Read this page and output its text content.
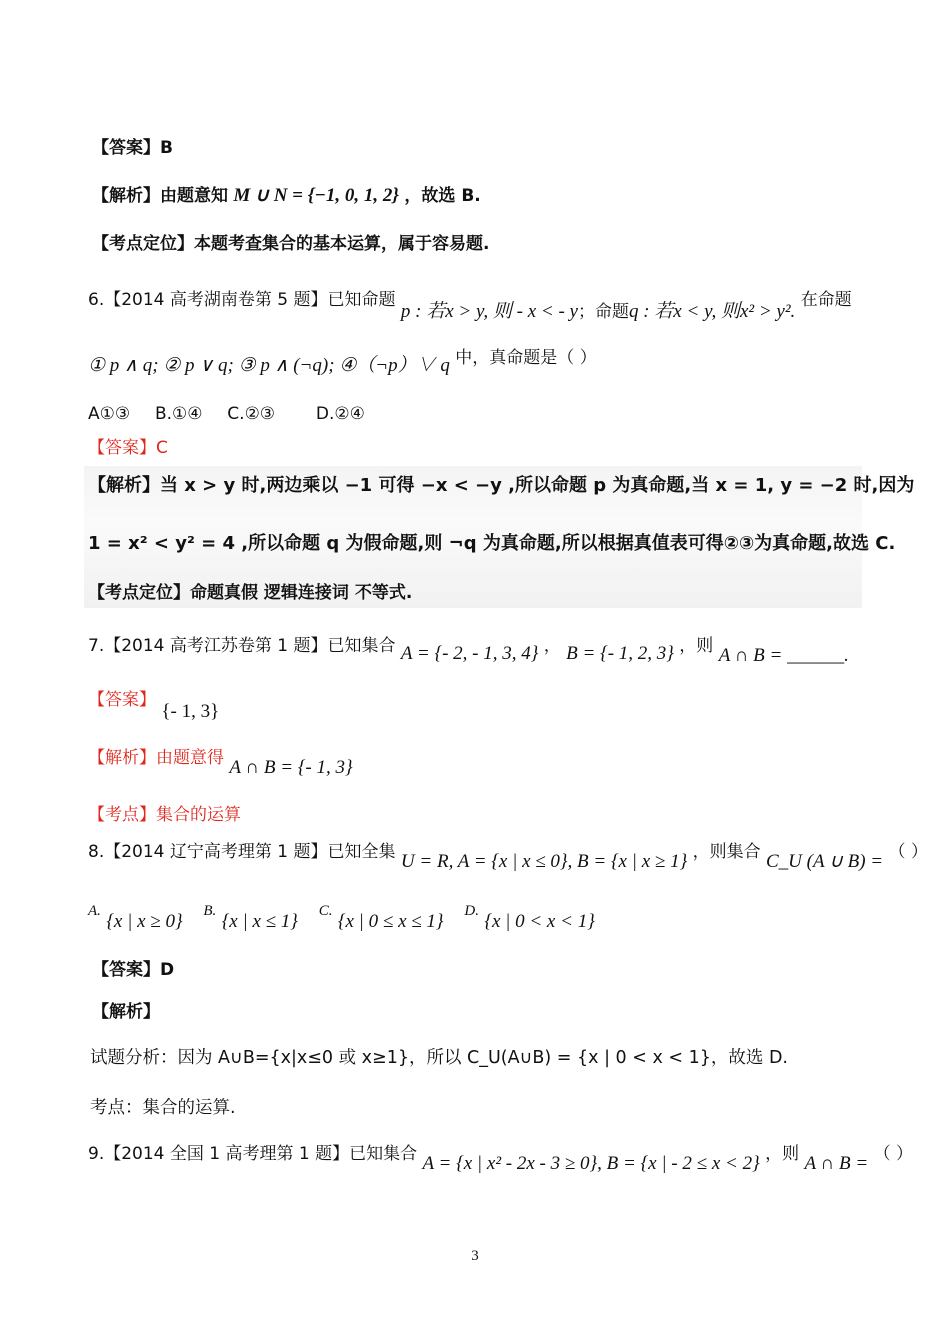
【答案】B
【解析】由题意知 M ∪ N = {−1, 0, 1, 2} ，故选 B.
【考点定位】本题考查集合的基本运算，属于容易题.
6.【2014 高考湖南卷第 5 题】已知命题 p : 若x > y, 则 - x < - y；命题q : 若x < y, 则x² > y². 在命题
① p ∧ q; ② p ∨ q; ③ p ∧ (¬q); ④（¬p）∨ q 中，真命题是（ ）
A①③ B.①④ C.②③ D.②④
【答案】C
【解析】当 x > y 时,两边乘以 −1 可得 −x < −y ,所以命题 p 为真命题,当 x = 1, y = −2 时,因为
1 = x² < y² = 4 ,所以命题 q 为假命题,则 ¬q 为真命题,所以根据真值表可得②③为真命题,故选 C.
【考点定位】命题真假 逻辑连接词 不等式.
7.【2014 高考江苏卷第 1 题】已知集合 A = {- 2, - 1, 3, 4} ， B = {- 1, 2, 3} ，则 A ∩ B = ______.
【答案】 {- 1, 3}
【解析】由题意得 A ∩ B = {- 1, 3}
【考点】集合的运算
8.【2014 辽宁高考理第 1 题】已知全集 U = R, A = {x | x ≤ 0}, B = {x | x ≥ 1} ，则集合 C_U (A ∪ B) = （ ）
A. {x | x ≥ 0} B. {x | x ≤ 1} C. {x | 0 ≤ x ≤ 1} D. {x | 0 < x < 1}
【答案】D
【解析】
试题分析：因为 A∪B={x|x≤0 或 x≥1}，所以 C_U(A∪B) = {x | 0 < x < 1}，故选 D.
考点：集合的运算.
9.【2014 全国 1 高考理第 1 题】已知集合 A = {x | x² - 2x - 3 ≥ 0}, B = {x | - 2 ≤ x < 2} ，则 A ∩ B = （ ）
3
